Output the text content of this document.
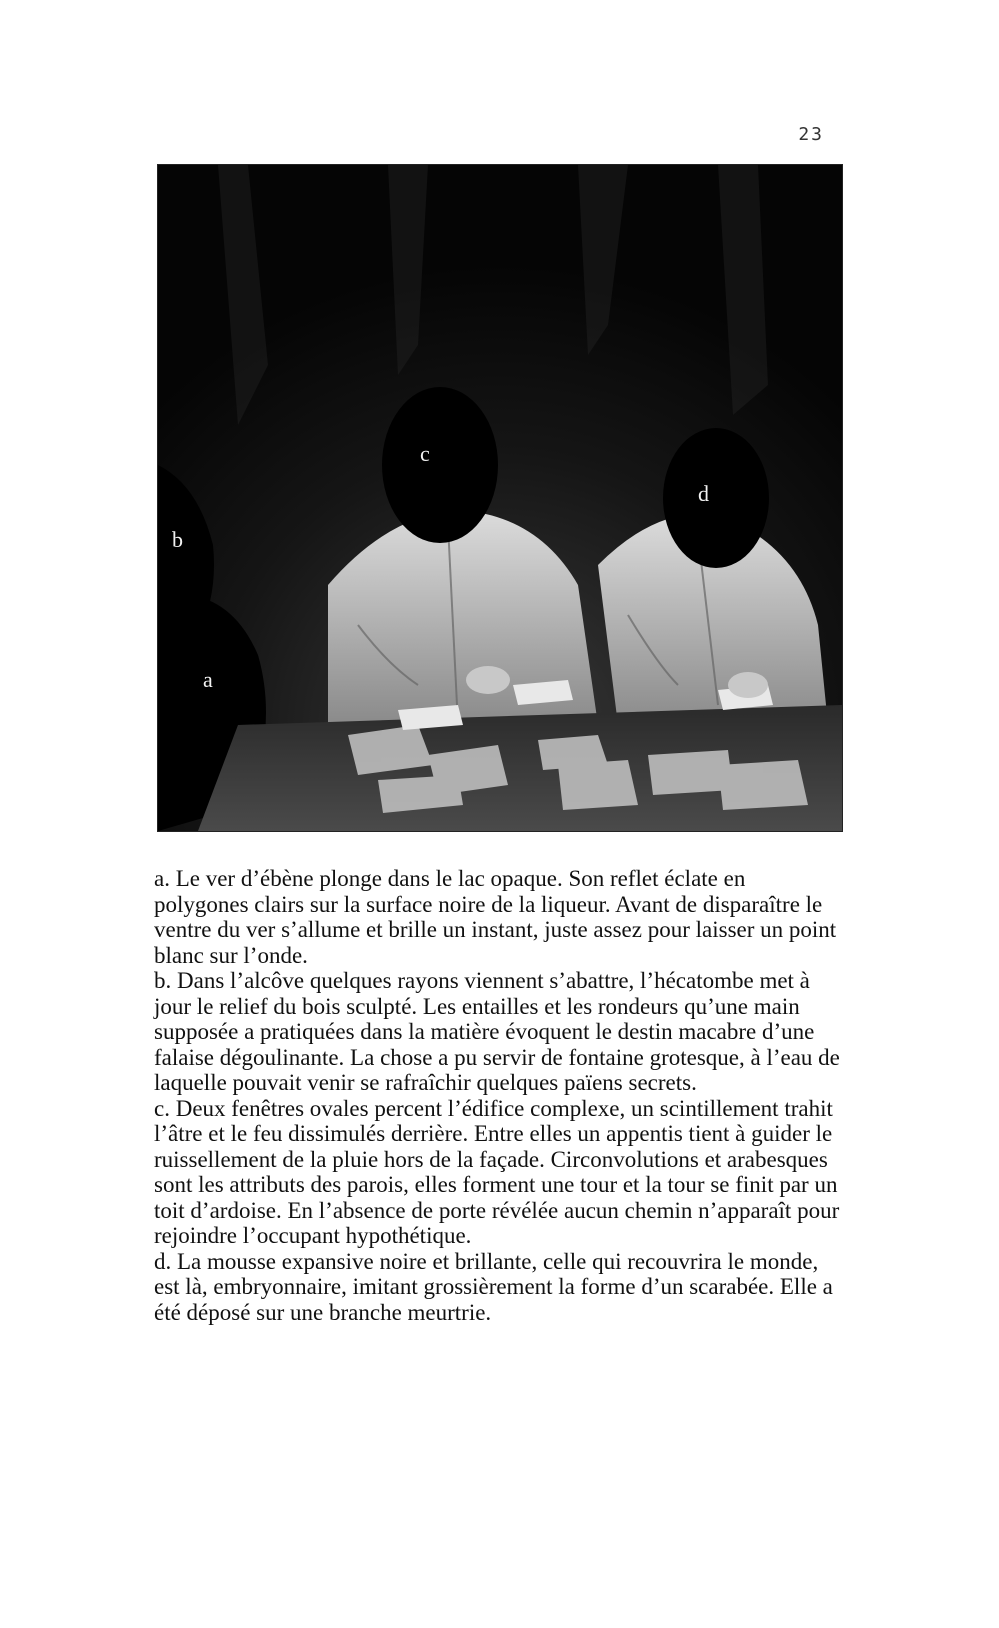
23
c
d
b
a

a. Le ver d’ébène plonge dans le lac opaque. Son reflet éclate en polygones clairs sur la surface noire de la liqueur. Avant de disparaître le ventre du ver s’allume et brille un instant, juste assez pour laisser un point blanc sur l’onde.

b. Dans l’alcôve quelques rayons viennent s’abattre, l’hécatombe met à jour le relief du bois sculpté. Les entailles et les rondeurs qu’une main supposée a pratiquées dans la matière évoquent le destin macabre d’une falaise dégoulinante. La chose a pu servir de fontaine grotesque, à l’eau de laquelle pouvait venir se rafraîchir quelques païens secrets.

c. Deux fenêtres ovales percent l’édifice complexe, un scintillement trahit l’âtre et le feu dissimulés derrière. Entre elles un appentis tient à guider le ruissellement de la pluie hors de la façade. Circonvolutions et arabesques sont les attributs des parois, elles forment une tour et la tour se finit par un toit d’ardoise. En l’absence de porte révélée aucun chemin n’apparaît pour rejoindre l’occupant hypothétique.

d. La mousse expansive noire et brillante, celle qui recouvrira le monde, est là, embryonnaire, imitant grossièrement la forme d’un scarabée. Elle a été déposé sur une branche meurtrie.
